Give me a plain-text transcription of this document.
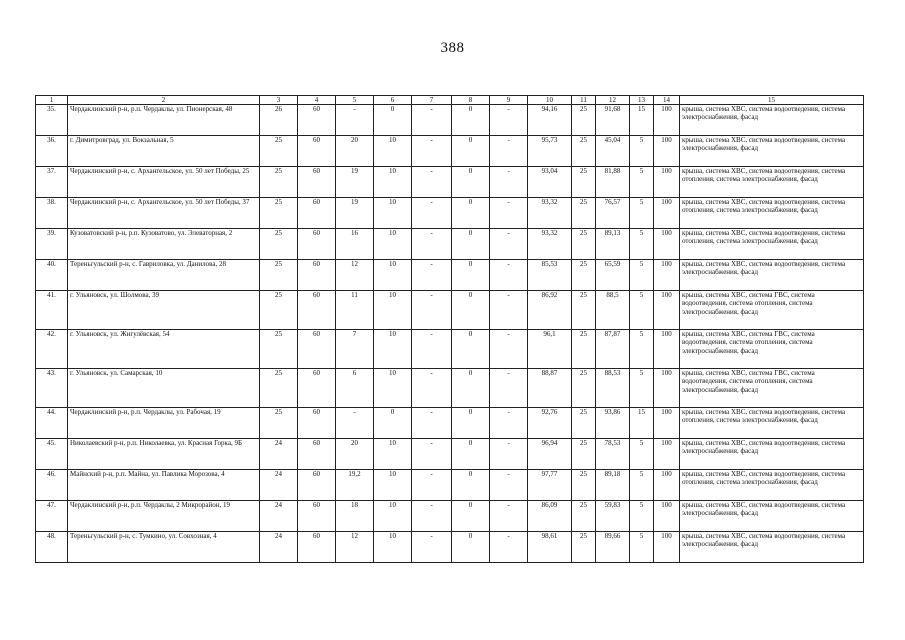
388
1	2	3	4	5	6	7	8	9	10	11	12	13	14	15
35.	Чердаклинский р-н, р.п. Чердаклы, ул. Пионерская, 48	26	60	-	0	-	0	-	94,16	25	91,68	15	100	крыша, система ХВС, система водоотведения, система электроснабжения, фасад
36.	г. Димитровград, ул. Вокзальная, 5	25	60	20	10	-	0	-	95,73	25	45,04	5	100	крыша, система ХВС, система водоотведения, система электроснабжения, фасад
37.	Чердаклинский р-н, с. Архангельское, ул. 50 лет Победы, 25	25	60	19	10	-	0	-	93,04	25	81,88	5	100	крыша, система ХВС, система водоотведения, система отопления, система электроснабжения, фасад
38.	Чердаклинский р-н, с. Архангельское, ул. 50 лет Победы, 37	25	60	19	10	-	0	-	93,32	25	76,57	5	100	крыша, система ХВС, система водоотведения, система отопления, система электроснабжения, фасад
39.	Кузоватовский р-н, р.п. Кузоватово, ул. Элеваторная, 2	25	60	16	10	-	0	-	93,32	25	89,13	5	100	крыша, система ХВС, система водоотведения, система отопления, система электроснабжения, фасад
40.	Тереньгульский р-н, с. Гавриловка, ул. Данилова, 28	25	60	12	10	-	0	-	85,53	25	65,59	5	100	крыша, система ХВС, система водоотведения, система электроснабжения, фасад
41.	г. Ульяновск, ул. Шолмова, 39	25	60	11	10	-	0	-	86,92	25	88,5	5	100	крыша, система ХВС, система ГВС, система водоотведения, система отопления, система электроснабжения, фасад
42.	г. Ульяновск, ул. Жигулёвская, 54	25	60	7	10	-	0	-	96,1	25	87,87	5	100	крыша, система ХВС, система ГВС, система водоотведения, система отопления, система электроснабжения, фасад
43.	г. Ульяновск, ул. Самарская, 10	25	60	6	10	-	0	-	88,87	25	88,53	5	100	крыша, система ХВС, система ГВС, система водоотведения, система отопления, система электроснабжения, фасад
44.	Чердаклинский р-н, р.п. Чердаклы, ул. Рабочая, 19	25	60	-	0	-	0	-	92,76	25	93,86	15	100	крыша, система ХВС, система водоотведения, система отопления, система электроснабжения, фасад
45.	Николаевский р-н, р.п. Николаевка, ул. Красная Горка, 9Б	24	60	20	10	-	0	-	96,94	25	78,53	5	100	крыша, система ХВС, система водоотведения, система электроснабжения, фасад
46.	Майнский р-н, р.п. Майна, ул. Павлика Морозова, 4	24	60	19,2	10	-	0	-	97,77	25	89,18	5	100	крыша, система ХВС, система водоотведения, система отопления, система электроснабжения, фасад
47.	Чердаклинский р-н, р.п. Чердаклы, 2 Микрорайон, 19	24	60	18	10	-	0	-	86,09	25	59,83	5	100	крыша, система ХВС, система водоотведения, система электроснабжения, фасад
48.	Тереньгульский р-н, с. Тумкино, ул. Совхозная, 4	24	60	12	10	-	0	-	98,61	25	89,66	5	100	крыша, система ХВС, система водоотведения, система электроснабжения, фасад
